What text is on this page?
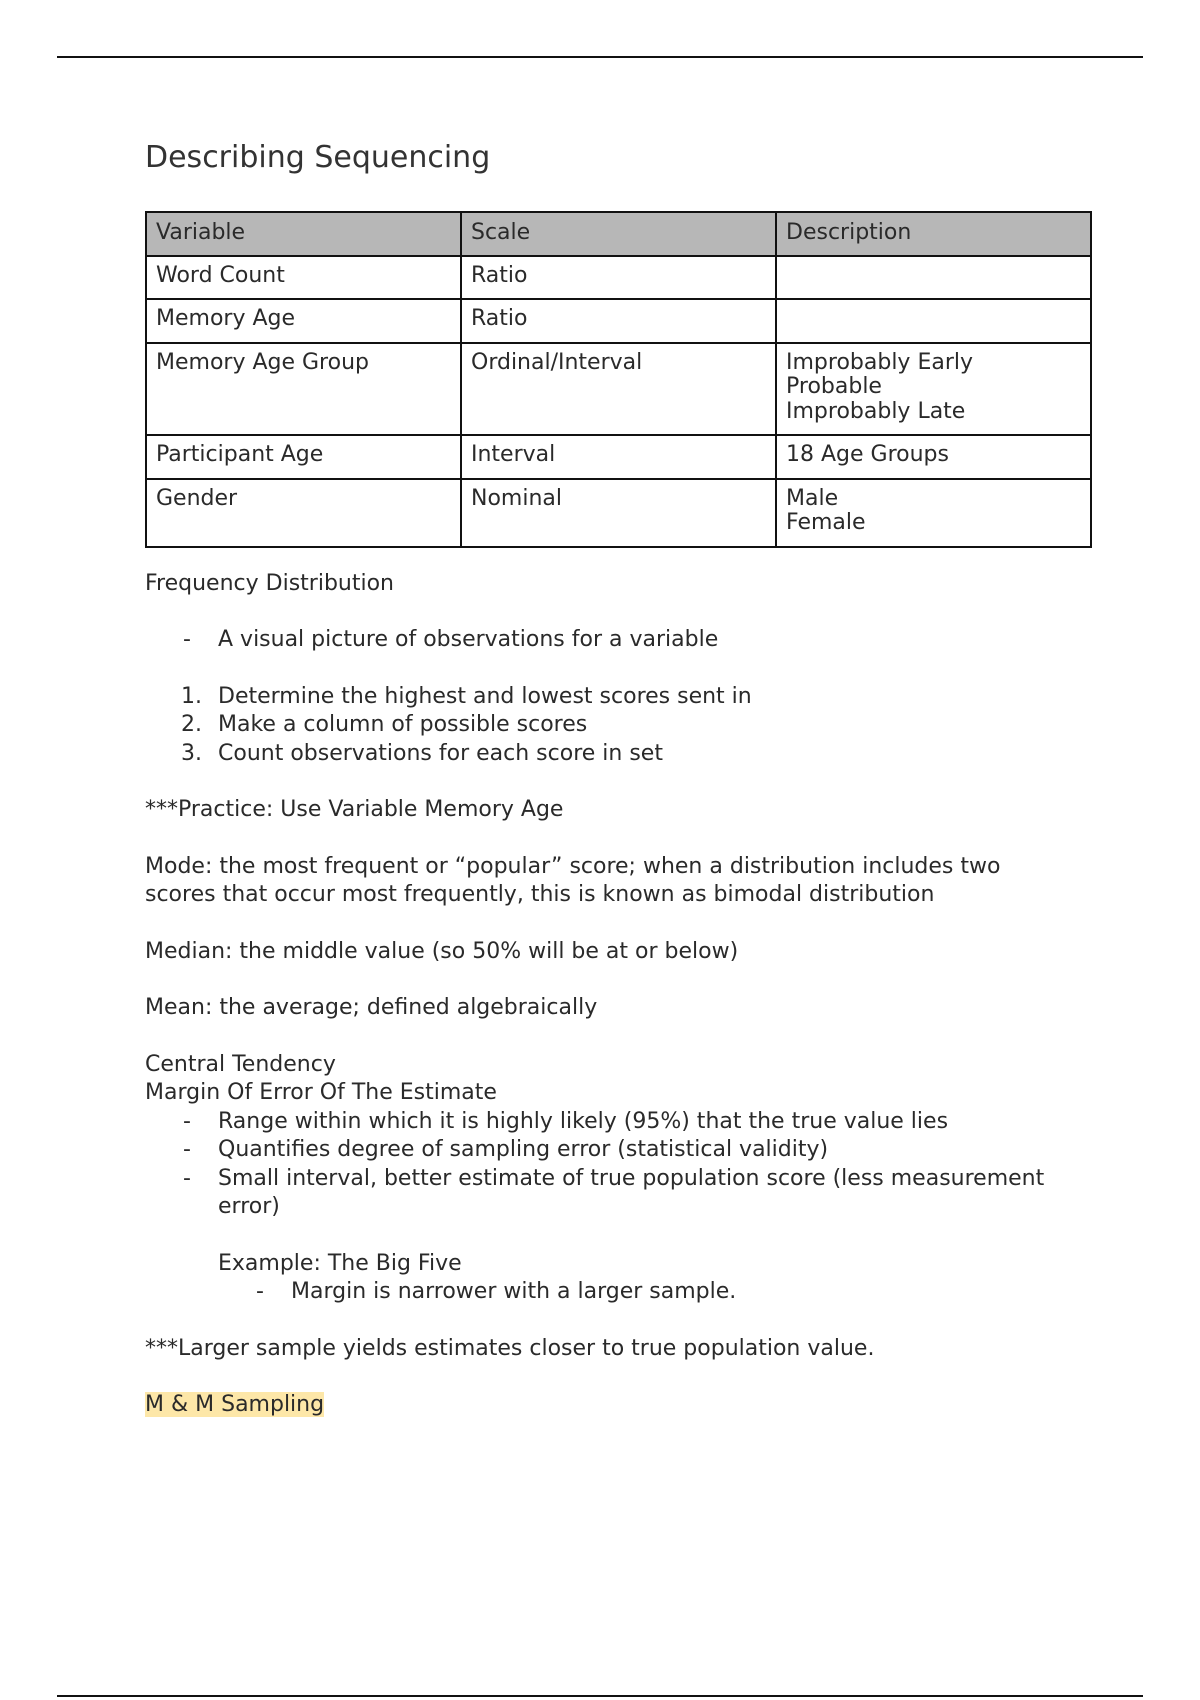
Describing Sequencing
Variable	Scale	Description
Word Count	Ratio	
Memory Age	Ratio	
Memory Age Group	Ordinal/Interval	Improbably Early
Probable
Improbably Late

Participant Age	Interval	18 Age Groups

Gender	Nominal	Male
Female

Frequency Distribution

- A visual picture of observations for a variable
1. Determine the highest and lowest scores sent in
2. Make a column of possible scores
3. Count observations for each score in set

***Practice: Use Variable Memory Age

Mode: the most frequent or “popular” score; when a distribution includes two

scores that occur most frequently, this is known as bimodal distribution

Median: the middle value (so 50% will be at or below)

Mean: the average; defined algebraically

Central Tendency

Margin Of Error Of The Estimate

- Range within which it is highly likely (95%) that the true value lies
- Quantifies degree of sampling error (statistical validity)
- Small interval, better estimate of true population score (less measurement error)

Example: The Big Five

- Margin is narrower with a larger sample.

***Larger sample yields estimates closer to true population value.

M & M Sampling
